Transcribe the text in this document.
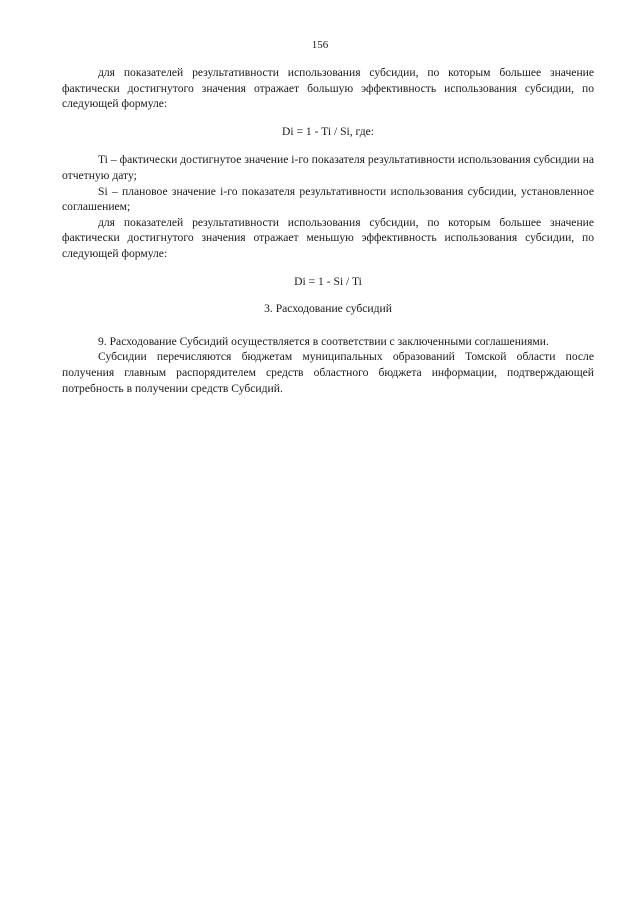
156

для показателей результативности использования субсидии, по которым большее значение фактически достигнутого значения отражает большую эффективность использования субсидии, по следующей формуле:

Di = 1 - Ti / Si, где:

Ti – фактически достигнутое значение i-го показателя результативности использования субсидии на отчетную дату;

Si – плановое значение i-го показателя результативности использования субсидии, установленное соглашением;

для показателей результативности использования субсидии, по которым большее значение фактически достигнутого значения отражает меньшую эффективность использования субсидии, по следующей формуле:

Di = 1 - Si / Ti

3. Расходование субсидий

9. Расходование Субсидий осуществляется в соответствии с заключенными соглашениями.

Субсидии перечисляются бюджетам муниципальных образований Томской области после получения главным распорядителем средств областного бюджета информации, подтверждающей потребность в получении средств Субсидий.
